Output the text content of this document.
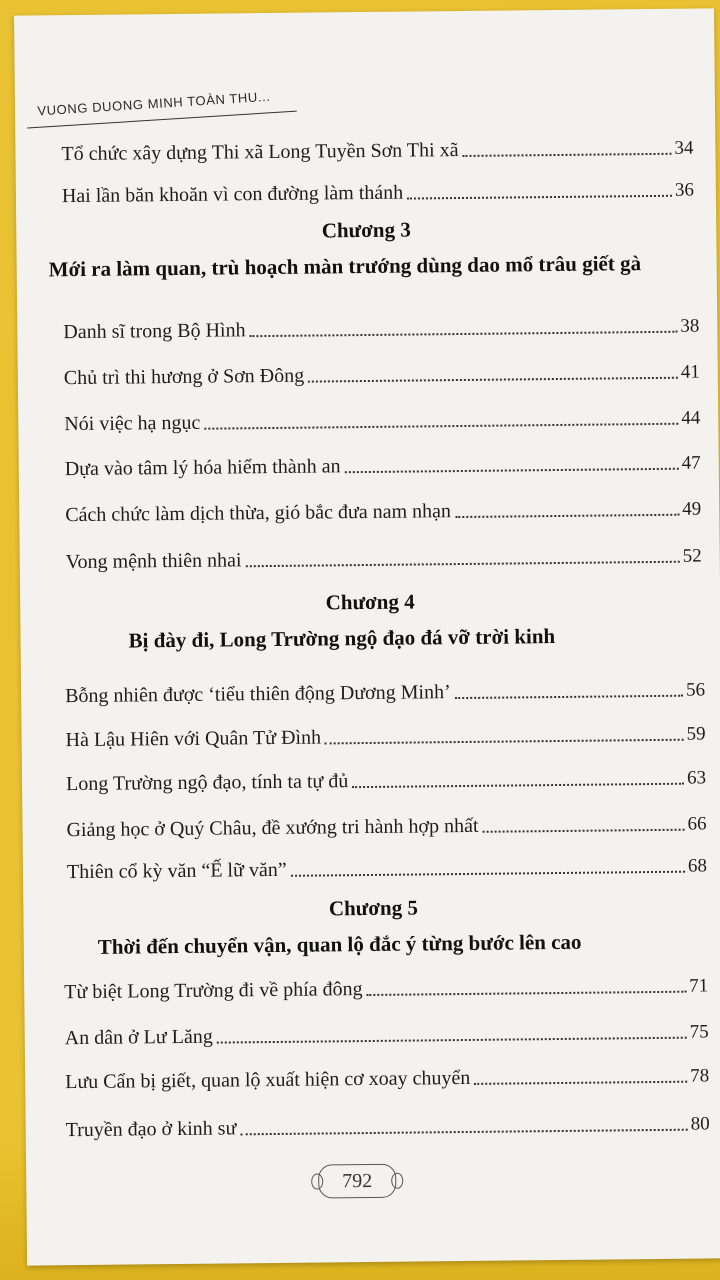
VUONG DUONG MINH TOÀN THU...
Tổ chức xây dựng Thi xã Long Tuyền Sơn Thi xã	34
Hai lần băn khoăn vì con đường làm thánh	36
Chương 3
Mới ra làm quan, trù hoạch màn trướng dùng dao mổ trâu giết gà
Danh sĩ trong Bộ Hình	38
Chủ trì thi hương ở Sơn Đông	41
Nói việc hạ ngục	44
Dựa vào tâm lý hóa hiểm thành an	47
Cách chức làm dịch thừa, gió bắc đưa nam nhạn	49
Vong mệnh thiên nhai	52
Chương 4
Bị đày đi, Long Trường ngộ đạo đá vỡ trời kinh
Bỗng nhiên được ‘tiểu thiên động Dương Minh’	56
Hà Lậu Hiên với Quân Tử Đình	59
Long Trường ngộ đạo, tính ta tự đủ	63
Giảng học ở Quý Châu, đề xướng tri hành hợp nhất	66
Thiên cổ kỳ văn “Ế lữ văn”	68
Chương 5
Thời đến chuyển vận, quan lộ đắc ý từng bước lên cao
Từ biệt Long Trường đi về phía đông	71
An dân ở Lư Lăng	75
Lưu Cẩn bị giết, quan lộ xuất hiện cơ xoay chuyển	78
Truyền đạo ở kinh sư	80
792
